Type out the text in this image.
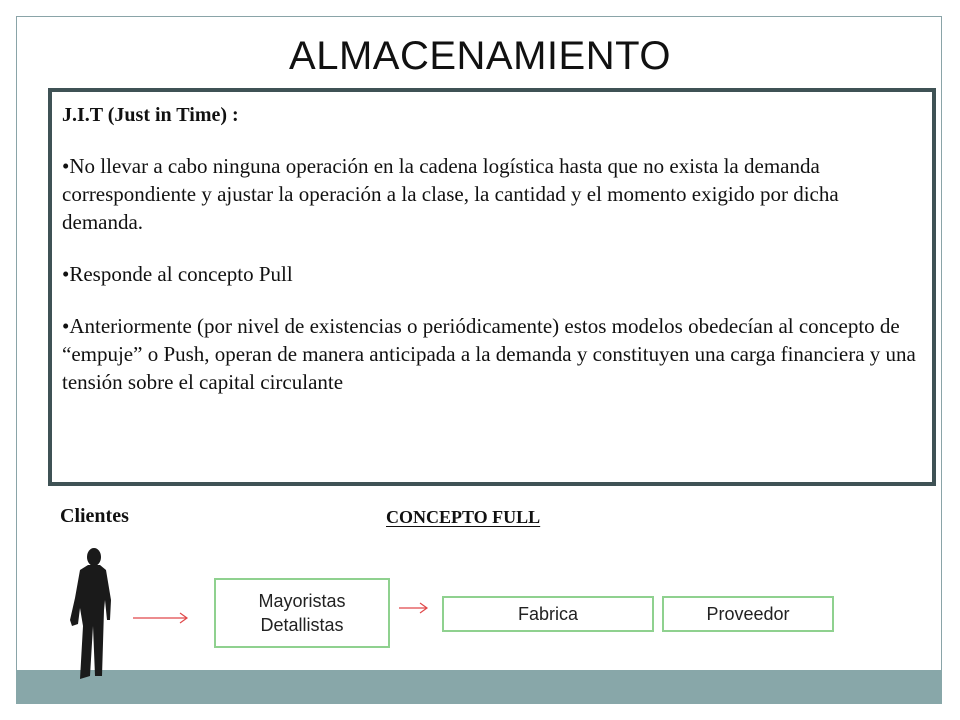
ALMACENAMIENTO

J.I.T (Just in Time) :

• No llevar a cabo ninguna operación en la cadena logística hasta que no exista la demanda correspondiente y ajustar la operación a la clase, la cantidad y el momento exigido por dicha demanda.

• Responde al concepto Pull

• Anteriormente (por nivel de existencias o periódicamente) estos modelos obedecían al concepto de “empuje” o Push, operan de manera anticipada a la demanda y constituyen una carga financiera y una tensión sobre el capital circulante

Clientes	CONCEPTO FULL
Mayoristas
Detallistas
Fabrica	Proveedor
